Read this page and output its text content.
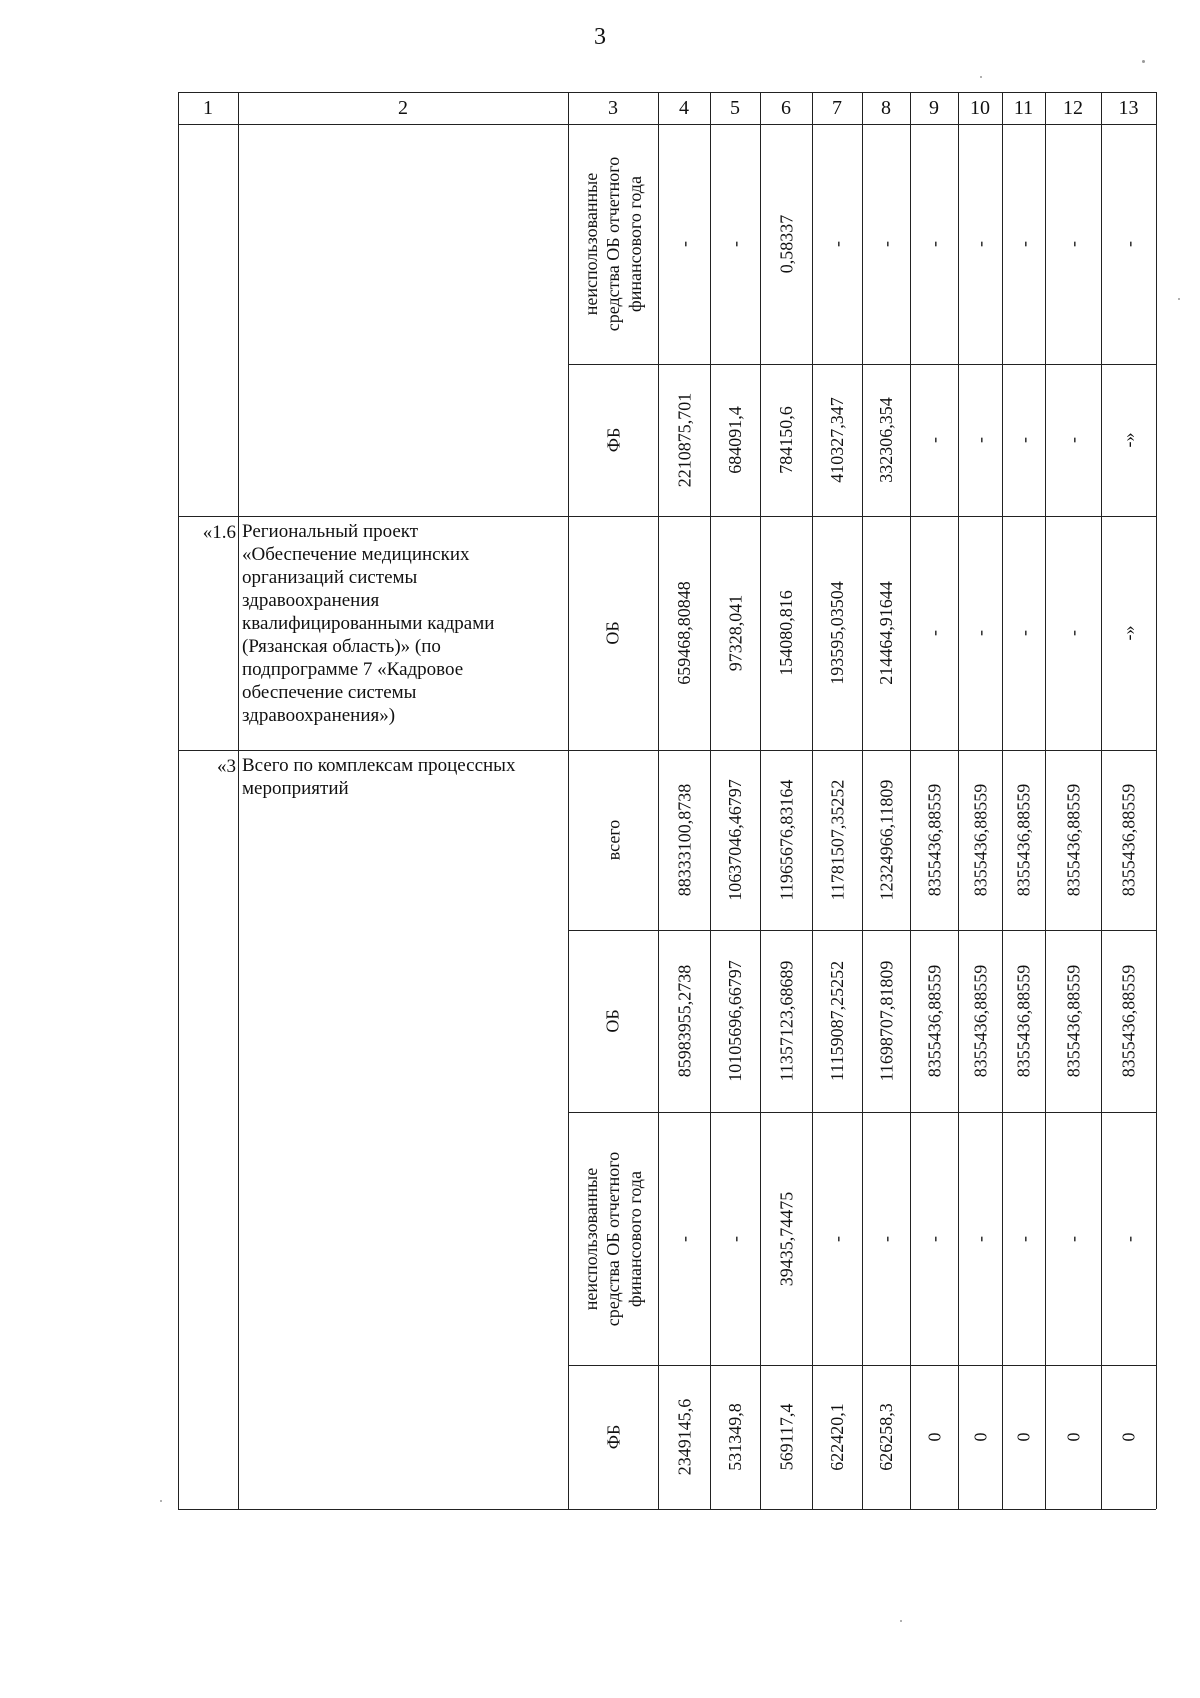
3
1	2	3	4	5	6	7	8	9	10	11	12	13
неиспользованные
средства ОБ отчетного
финансового года
- - 0,58337 - - - - - - -
ФБ	2210875,701 684091,4 784150,6 410327,347 332306,354 - - - - -»
«1.6 Региональный проект
«Обеспечение медицинских
организаций системы
здравоохранения
квалифицированными кадрами
(Рязанская область)» (по
подпрограмме 7 «Кадровое
обеспечение системы
здравоохранения»)
ОБ	659468,80848 97328,041 154080,816 193595,03504 214464,91644 - - - - -»
«3 Всего по комплексам процессных
мероприятий
всего	88333100,8738 10637046,46797 11965676,83164 11781507,35252 12324966,11809 8355436,88559 8355436,88559 8355436,88559 8355436,88559 8355436,88559
ОБ	85983955,2738 10105696,66797 11357123,68689 11159087,25252 11698707,81809 8355436,88559 8355436,88559 8355436,88559 8355436,88559 8355436,88559
неиспользованные
средства ОБ отчетного
финансового года
- - 39435,74475 - - - - - - -
ФБ	2349145,6 531349,8 569117,4 622420,1 626258,3 0 0 0 0 0
